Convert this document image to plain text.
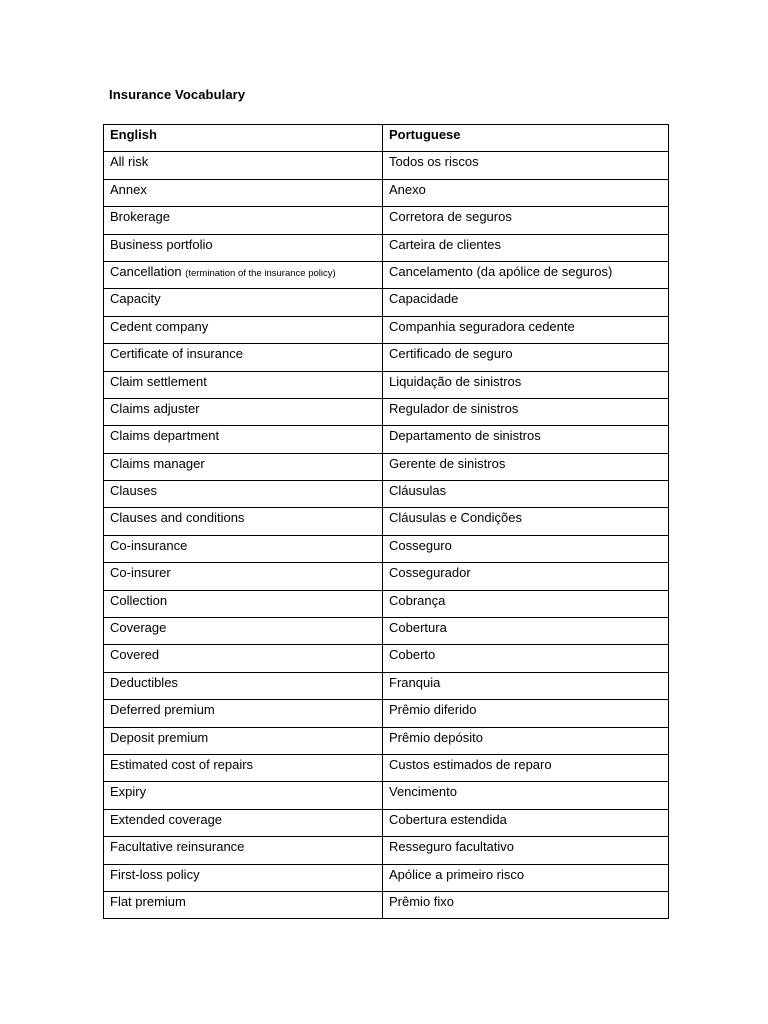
Insurance Vocabulary
English	Portuguese
All risk	Todos os riscos
Annex	Anexo
Brokerage	Corretora de seguros
Business portfolio	Carteira de clientes
Cancellation (termination of the insurance policy)	Cancelamento (da apólice de seguros)
Capacity	Capacidade
Cedent company	Companhia seguradora cedente
Certificate of insurance	Certificado de seguro
Claim settlement	Liquidação de sinistros
Claims adjuster	Regulador de sinistros
Claims department	Departamento de sinistros
Claims manager	Gerente de sinistros
Clauses	Cláusulas
Clauses and conditions	Cláusulas e Condições
Co-insurance	Cosseguro
Co-insurer	Cossegurador
Collection	Cobrança
Coverage	Cobertura
Covered	Coberto
Deductibles	Franquia
Deferred premium	Prêmio diferido
Deposit premium	Prêmio depósito
Estimated cost of repairs	Custos estimados de reparo
Expiry	Vencimento
Extended coverage	Cobertura estendida
Facultative reinsurance	Resseguro facultativo
First-loss policy	Apólice a primeiro risco
Flat premium	Prêmio fixo
